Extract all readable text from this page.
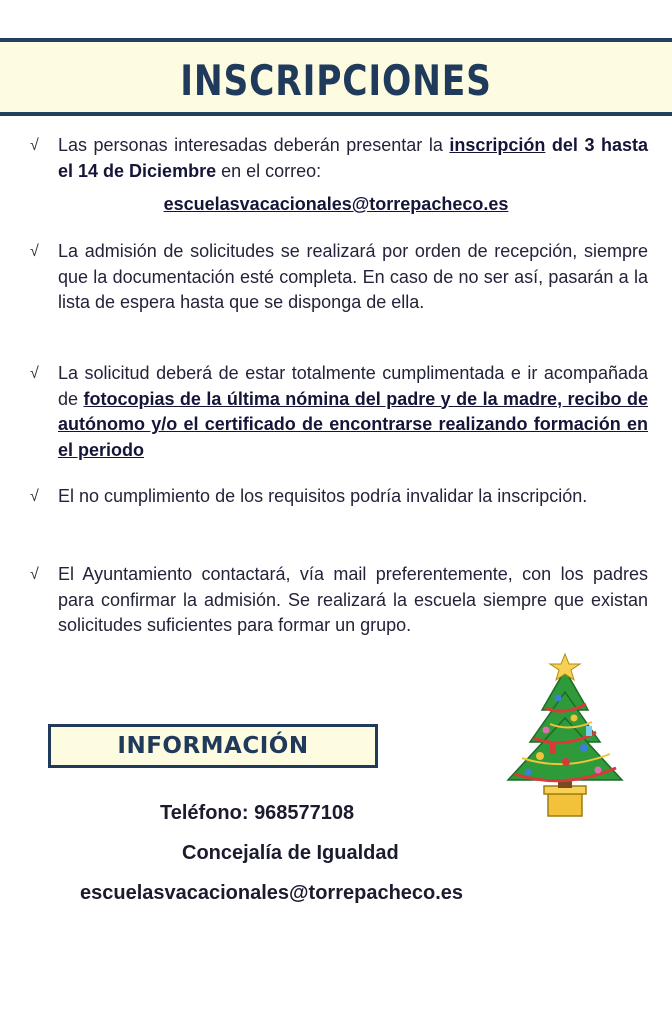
INSCRIPCIONES
√ Las personas interesadas deberán presentar la inscripción del 3 hasta el 14 de Diciembre en el correo:
escuelasvacacionales@torrepacheco.es
√ La admisión de solicitudes se realizará por orden de recepción, siempre que la documentación esté completa. En caso de no ser así, pasarán a la lista de espera hasta que se disponga de ella.
√ La solicitud deberá de estar totalmente cumplimentada e ir acompañada de fotocopias de la última nómina del padre y de la madre, recibo de autónomo y/o el certificado de encontrarse realizando formación en el periodo
√ El no cumplimiento de los requisitos podría invalidar la inscripción.
√ El Ayuntamiento contactará, vía mail preferentemente, con los padres para confirmar la admisión. Se realizará la escuela siempre que existan solicitudes suficientes para formar un grupo.
INFORMACIÓN
Teléfono: 968577108
Concejalía de Igualdad
escuelasvacacionales@torrepacheco.es
